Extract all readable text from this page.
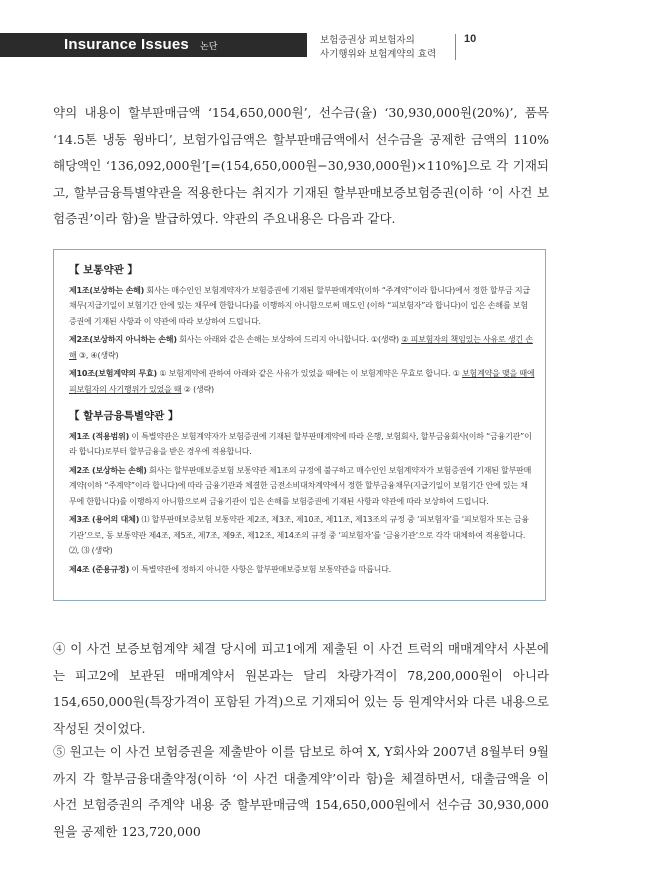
Insurance Issues 논단
보험증권상 피보험자의
사기행위와 보험계약의 효력
10
약의 내용이 할부판매금액 ‘154,650,000원’, 선수금(율) ‘30,930,000원(20%)’, 품목 ‘14.5톤 냉동 윙바디’, 보험가입금액은 할부판매금액에서 선수금을 공제한 금액의 110% 해당액인 ‘136,092,000원’[=(154,650,000원−30,930,000원)×110%]으로 각 기재되고, 할부금융특별약관을 적용한다는 취지가 기재된 할부판매보증보험증권(이하 ‘이 사건 보험증권’이라 함)을 발급하였다. 약관의 주요내용은 다음과 같다.
【 보통약관 】
제1조(보상하는 손해) 회사는 매수인인 보험계약자가 보험증권에 기재된 할부판매계약(이하 “주계약”이라 합니다)에서 정한 할부금 지급채무(지급기일이 보험기간 안에 있는 채무에 한합니다)를 이행하지 아니함으로써 매도인 (이하 “피보험자”라 합니다)이 입은 손해를 보험증권에 기재된 사항과 이 약관에 따라 보상하여 드립니다.
제2조(보상하지 아니하는 손해) 회사는 아래와 같은 손해는 보상하여 드리지 아니합니다. ①(생략) ② 피보험자의 책임있는 사유로 생긴 손해 ③, ④(생략)
제10조(보험계약의 무효) ① 보험계약에 관하여 아래와 같은 사유가 있었을 때에는 이 보험계약은 무효로 합니다. ① 보험계약을 맺을 때에 피보험자의 사기행위가 있었을 때 ② (생략)
【 할부금융특별약관 】
제1조 (적용범위) 이 특별약관은 보험계약자가 보험증권에 기재된 할부판매계약에 따라 은행, 보험회사, 할부금융회사(이하 “금융기관”이라 합니다)로부터 할부금융을 받은 경우에 적용합니다.
제2조 (보상하는 손해) 회사는 할부판매보증보험 보통약관 제1조의 규정에 불구하고 매수인인 보험계약자가 보험증권에 기재된 할부판매계약(이하 “주계약”이라 합니다)에 따라 금융기관과 체결한 금전소비대차계약에서 정한 할부금융채무(지급기일이 보험기간 안에 있는 채무에 한합니다)를 이행하지 아니함으로써 금융기관이 입은 손해를 보험증권에 기재된 사항과 약관에 따라 보상하여 드립니다.
제3조 (용어의 대체) ⑴ 할부판매보증보험 보통약관 제2조, 제3조, 제10조, 제11조, 제13조의 규정 중 ‘피보험자’를 ‘피보험자 또는 금융기관’으로, 동 보통약관 제4조, 제5조, 제7조, 제9조, 제12조, 제14조의 규정 중 ‘피보험자’를 ‘금융기관’으로 각각 대체하여 적용합니다.
⑵, ⑶ (생략)
제4조 (준용규정) 이 특별약관에 정하지 아니한 사항은 할부판매보증보험 보통약관을 따릅니다.
④ 이 사건 보증보험계약 체결 당시에 피고1에게 제출된 이 사건 트럭의 매매계약서 사본에는 피고2에 보관된 매매계약서 원본과는 달리 차량가격이 78,200,000원이 아니라 154,650,000원(특장가격이 포함된 가격)으로 기재되어 있는 등 원계약서와 다른 내용으로 작성된 것이었다.
⑤ 원고는 이 사건 보험증권을 제출받아 이를 담보로 하여 X, Y회사와 2007년 8월부터 9월까지 각 할부금융대출약정(이하 ‘이 사건 대출계약’이라 함)을 체결하면서, 대출금액을 이 사건 보험증권의 주계약 내용 중 할부판매금액 154,650,000원에서 선수금 30,930,000원을 공제한 123,720,000
